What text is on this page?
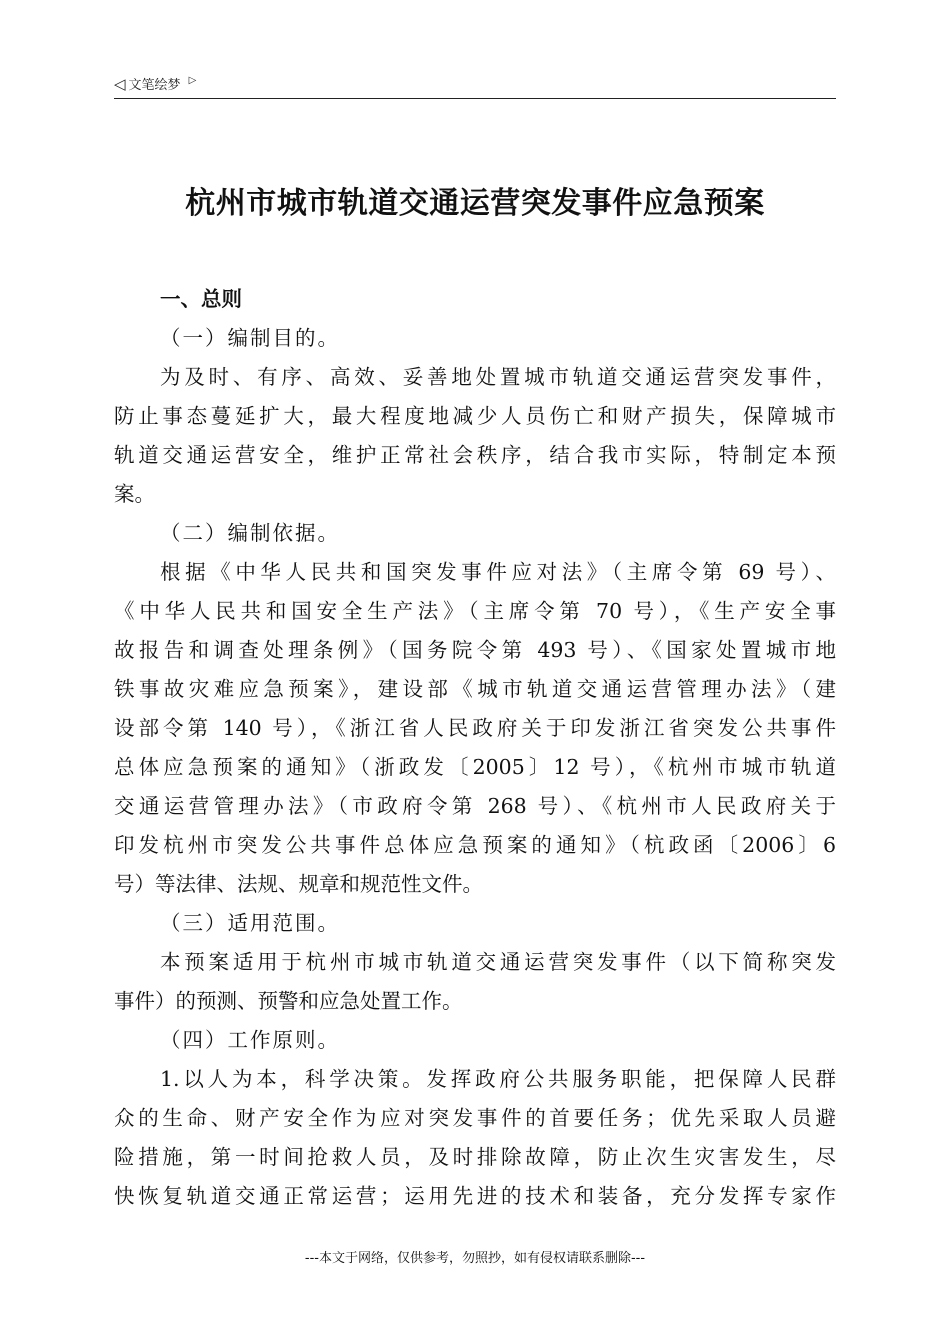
◁ 文笔绘梦 ▷
杭州市城市轨道交通运营突发事件应急预案
一、总则
（一）编制目的。
为及时、有序、高效、妥善地处置城市轨道交通运营突发事件，
防止事态蔓延扩大，最大程度地减少人员伤亡和财产损失，保障城市
轨道交通运营安全，维护正常社会秩序，结合我市实际，特制定本预
案。
（二）编制依据。
根据《中华人民共和国突发事件应对法》（主席令第 69 号）、
《中华人民共和国安全生产法》（主席令第 70 号），《生产安全事
故报告和调查处理条例》（国务院令第 493 号）、《国家处置城市地
铁事故灾难应急预案》，建设部《城市轨道交通运营管理办法》（建
设部令第 140 号），《浙江省人民政府关于印发浙江省突发公共事件
总体应急预案的通知》（浙政发〔2005〕12 号），《杭州市城市轨道
交通运营管理办法》（市政府令第 268 号）、《杭州市人民政府关于
印发杭州市突发公共事件总体应急预案的通知》（杭政函〔2006〕6
号）等法律、法规、规章和规范性文件。
（三）适用范围。
本预案适用于杭州市城市轨道交通运营突发事件（以下简称突发
事件）的预测、预警和应急处置工作。
（四）工作原则。
1.以人为本，科学决策。发挥政府公共服务职能，把保障人民群
众的生命、财产安全作为应对突发事件的首要任务；优先采取人员避
险措施，第一时间抢救人员，及时排除故障，防止次生灾害发生，尽
快恢复轨道交通正常运营；运用先进的技术和装备，充分发挥专家作
---本文于网络，仅供参考，勿照抄，如有侵权请联系删除---
